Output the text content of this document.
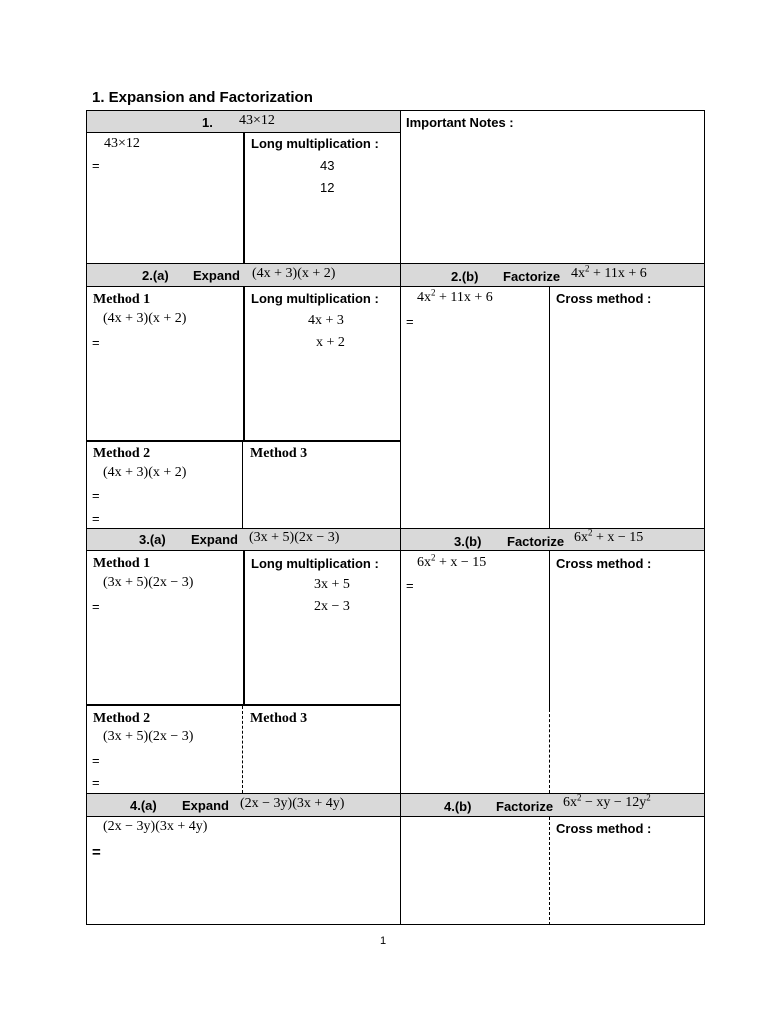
1. Expansion and Factorization
1. 43×12	Important Notes :
43×12
=
Long multiplication :
43
12
2.(a) Expand (4x + 3)(x + 2)	2.(b) Factorize $4x^2 + 11x + 6$
Method 1
(4x + 3)(x + 2)
=
Long multiplication :
4x + 3
x + 2
Method 2
(4x + 3)(x + 2)
=
=
Method 3
$4x^2 + 11x + 6$
=
Cross method :
3.(a) Expand (3x + 5)(2x − 3)	3.(b) Factorize $6x^2 + x - 15$
Method 1
(3x + 5)(2x − 3)
=
Long multiplication :
3x + 5
2x − 3
Method 2
(3x + 5)(2x − 3)
=
=
Method 3
$6x^2 + x - 15$
=
Cross method :
4.(a) Expand (2x − 3y)(3x + 4y)	4.(b) Factorize $6x^2$ − xy − $12y^2$
(2x − 3y)(3x + 4y)
=
Cross method :
1
